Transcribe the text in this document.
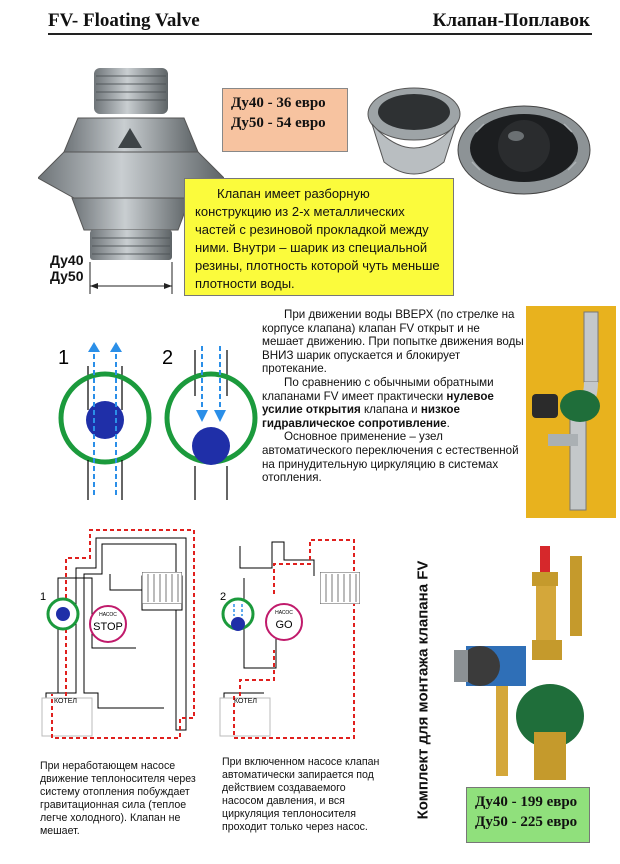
FV- Floating Valve	Клапан-Поплавок
Ду40
Ду50
Ду40 - 36 евро
Ду50 - 54 евро

Клапан имеет разборную конструкцию из 2-х металлических частей с резиновой прокладкой между ними. Внутри – шарик из специальной резины, плотность которой чуть меньше плотности воды.

1	2

При движении воды ВВЕРХ (по стрелке на корпусе клапана) клапан FV открыт и не мешает движению. При попытке движения воды ВНИЗ шарик опускается и блокирует протекание.

По сравнению с обычными обратными клапанами FV имеет практически нулевое усилие открытия клапана и низкое гидравлическое сопротивление.

Основное применение – узел автоматического переключения с естественной на принудительную циркуляцию в системах отопления.

1
НАСОС
STOP
КОТЕЛ
2
НАСОС
GO
КОТЕЛ
При неработающем насосе движение теплоносителя через систему отопления побуждает гравитационная сила (теплое легче холодного). Клапан не мешает.
При включенном насосе клапан автоматически запирается под действием создаваемого насосом давления, и вся циркуляция теплоносителя проходит только через насос.
Комплект для монтажа клапана FV	Ду40 - 199 евро
Ду50 - 225 евро
